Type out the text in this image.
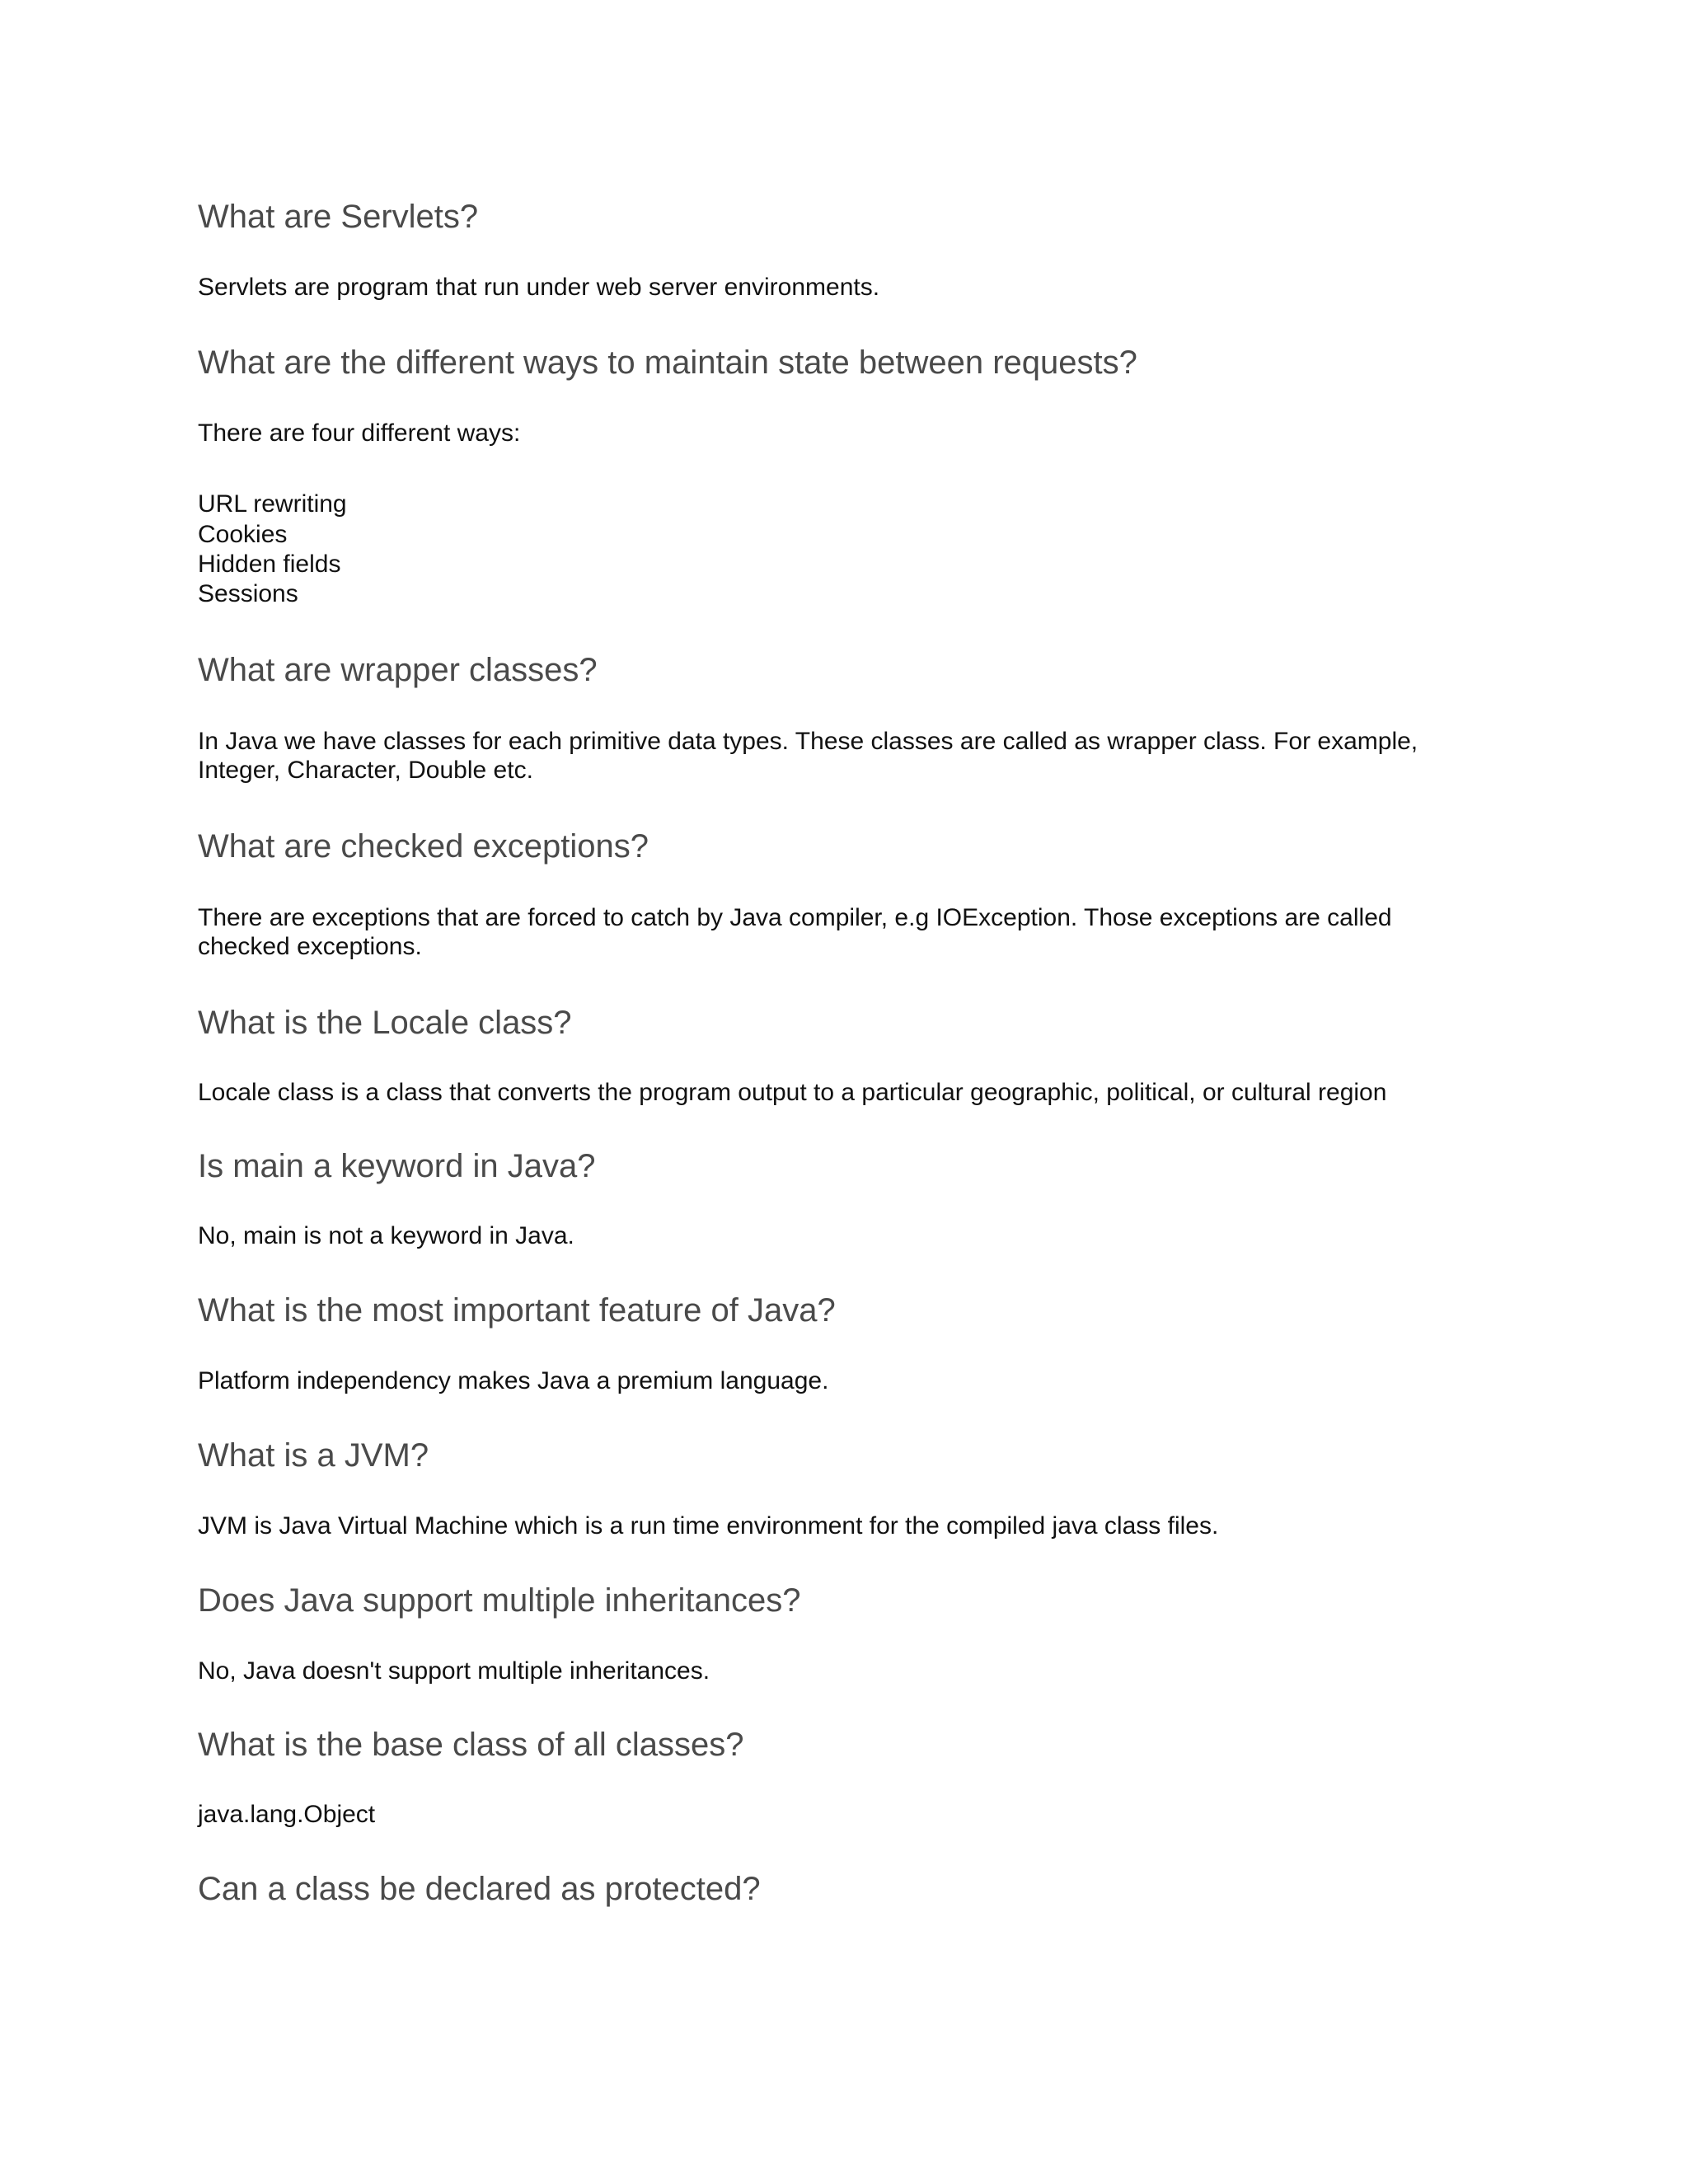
What are Servlets?

Servlets are program that run under web server environments.

What are the different ways to maintain state between requests?

There are four different ways:

URL rewriting
Cookies
Hidden fields
Sessions
What are wrapper classes?

In Java we have classes for each primitive data types. These classes are called as wrapper class. For example, Integer, Character, Double etc.

What are checked exceptions?

There are exceptions that are forced to catch by Java compiler, e.g IOException. Those exceptions are called checked exceptions.

What is the Locale class?

Locale class is a class that converts the program output to a particular geographic, political, or cultural region

Is main a keyword in Java?

No, main is not a keyword in Java.

What is the most important feature of Java?

Platform independency makes Java a premium language.

What is a JVM?

JVM is Java Virtual Machine which is a run time environment for the compiled java class files.

Does Java support multiple inheritances?

No, Java doesn't support multiple inheritances.

What is the base class of all classes?

java.lang.Object

Can a class be declared as protected?
